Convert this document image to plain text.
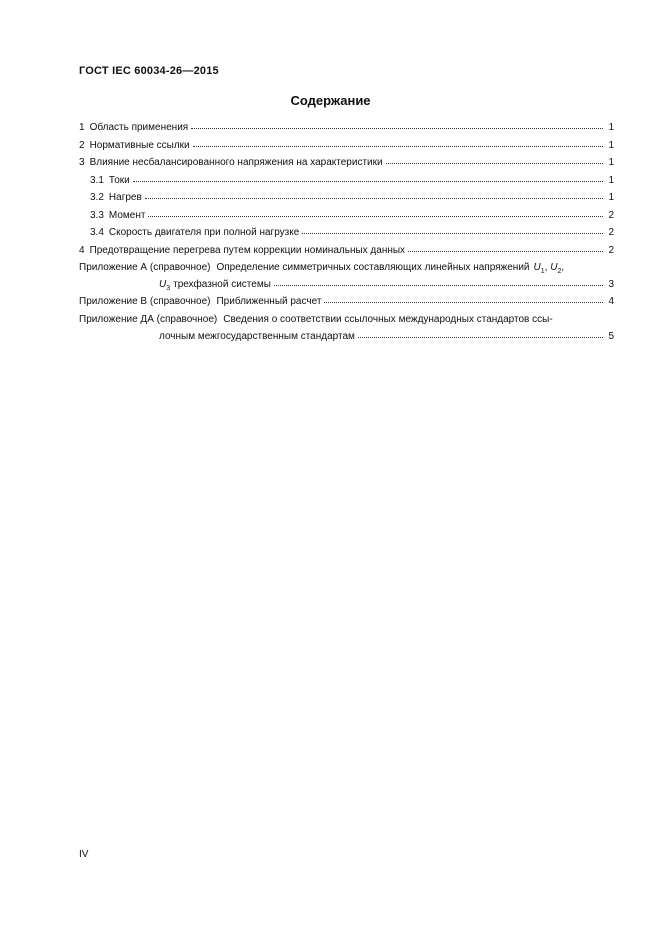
ГОСТ IEC 60034-26—2015
Содержание
1 Область применения	1
2 Нормативные ссылки	1
3 Влияние несбалансированного напряжения на характеристики	1
3.1 Токи	1
3.2 Нагрев	1
3.3 Момент	2
3.4 Скорость двигателя при полной нагрузке	2
4 Предотвращение перегрева путем коррекции номинальных данных	2
Приложение А (справочное) Определение симметричных составляющих линейных напряжений $U_1$, $U_2$,
$U_3$ трехфазной системы	3
Приложение В (справочное) Приближенный расчет	4
Приложение ДА (справочное) Сведения о соответствии ссылочных международных стандартов ссы-
лочным межгосударственным стандартам	5
IV
